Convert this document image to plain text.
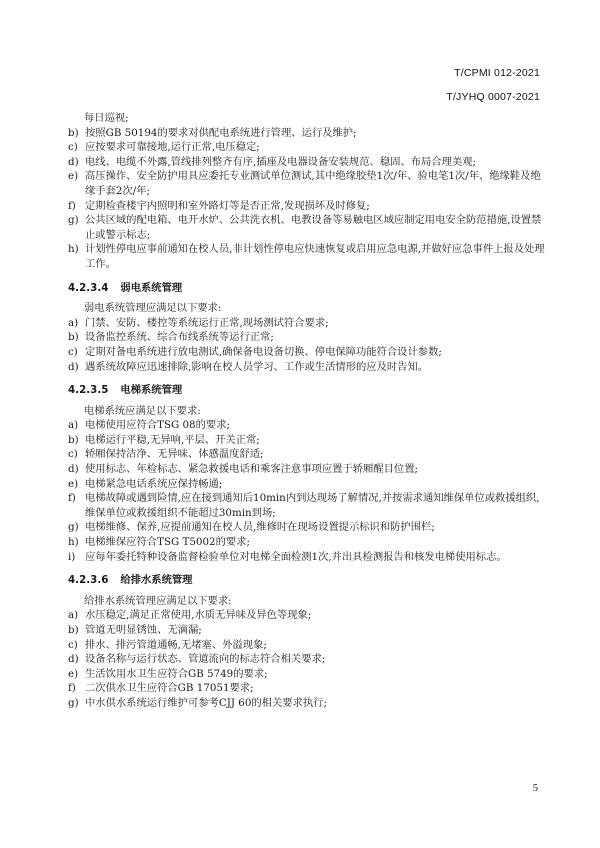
T/CPMI 012-2021
T/JYHQ 0007-2021

每日巡视;

b) 按照GB 50194的要求对供配电系统进行管理、运行及维护;
c) 应按要求可靠接地,运行正常,电压稳定;
d) 电线、电缆不外露,管线排列整齐有序,插座及电器设备安装规范、稳固、布局合理美观;
e) 高压操作、安全防护用具应委托专业测试单位测试,其中绝缘胶垫1次/年、验电笔1次/年、绝缘鞋及绝缘手套2次/年;
f) 定期检查楼宇内照明和室外路灯等是否正常,发现损坏及时修复;
g) 公共区域的配电箱、电开水炉、公共洗衣机、电教设备等易触电区域应制定用电安全防范措施,设置禁止或警示标志;
h) 计划性停电应事前通知在校人员,非计划性停电应快速恢复或启用应急电源,并做好应急事件上报及处理工作。
4.2.3.4 弱电系统管理

弱电系统管理应满足以下要求:

a) 门禁、安防、楼控等系统运行正常,现场测试符合要求;
b) 设备监控系统、综合布线系统等运行正常;
c) 定期对备电系统进行放电测试,确保备电设备切换、停电保障功能符合设计参数;
d) 遇系统故障应迅速排除,影响在校人员学习、工作或生活情形的应及时告知。
4.2.3.5 电梯系统管理

电梯系统应满足以下要求:

a) 电梯使用应符合TSG 08的要求;
b) 电梯运行平稳,无异响,平层、开关正常;
c) 轿厢保持洁净、无异味、体感温度舒适;
d) 使用标志、年检标志、紧急救援电话和乘客注意事项应置于轿厢醒目位置;
e) 电梯紧急电话系统应保持畅通;
f) 电梯故障或遇到险情,应在接到通知后10min内到达现场了解情况,并按需求通知维保单位或救援组织,维保单位或救援组织不能超过30min到场;
g) 电梯维修、保养,应提前通知在校人员,维修时在现场设置提示标识和防护围栏;
h) 电梯维保应符合TSG T5002的要求;
i) 应每年委托特种设备监督检验单位对电梯全面检测1次,并出具检测报告和核发电梯使用标志。
4.2.3.6 给排水系统管理

给排水系统管理应满足以下要求:

a) 水压稳定,满足正常使用,水质无异味及异色等现象;
b) 管道无明显锈蚀、无滴漏;
c) 排水、排污管道通畅,无堵塞、外溢现象;
d) 设备名称与运行状态、管道流向的标志符合相关要求;
e) 生活饮用水卫生应符合GB 5749的要求;
f) 二次供水卫生应符合GB 17051要求;
g) 中水供水系统运行维护可参考CJJ 60的相关要求执行;
5
